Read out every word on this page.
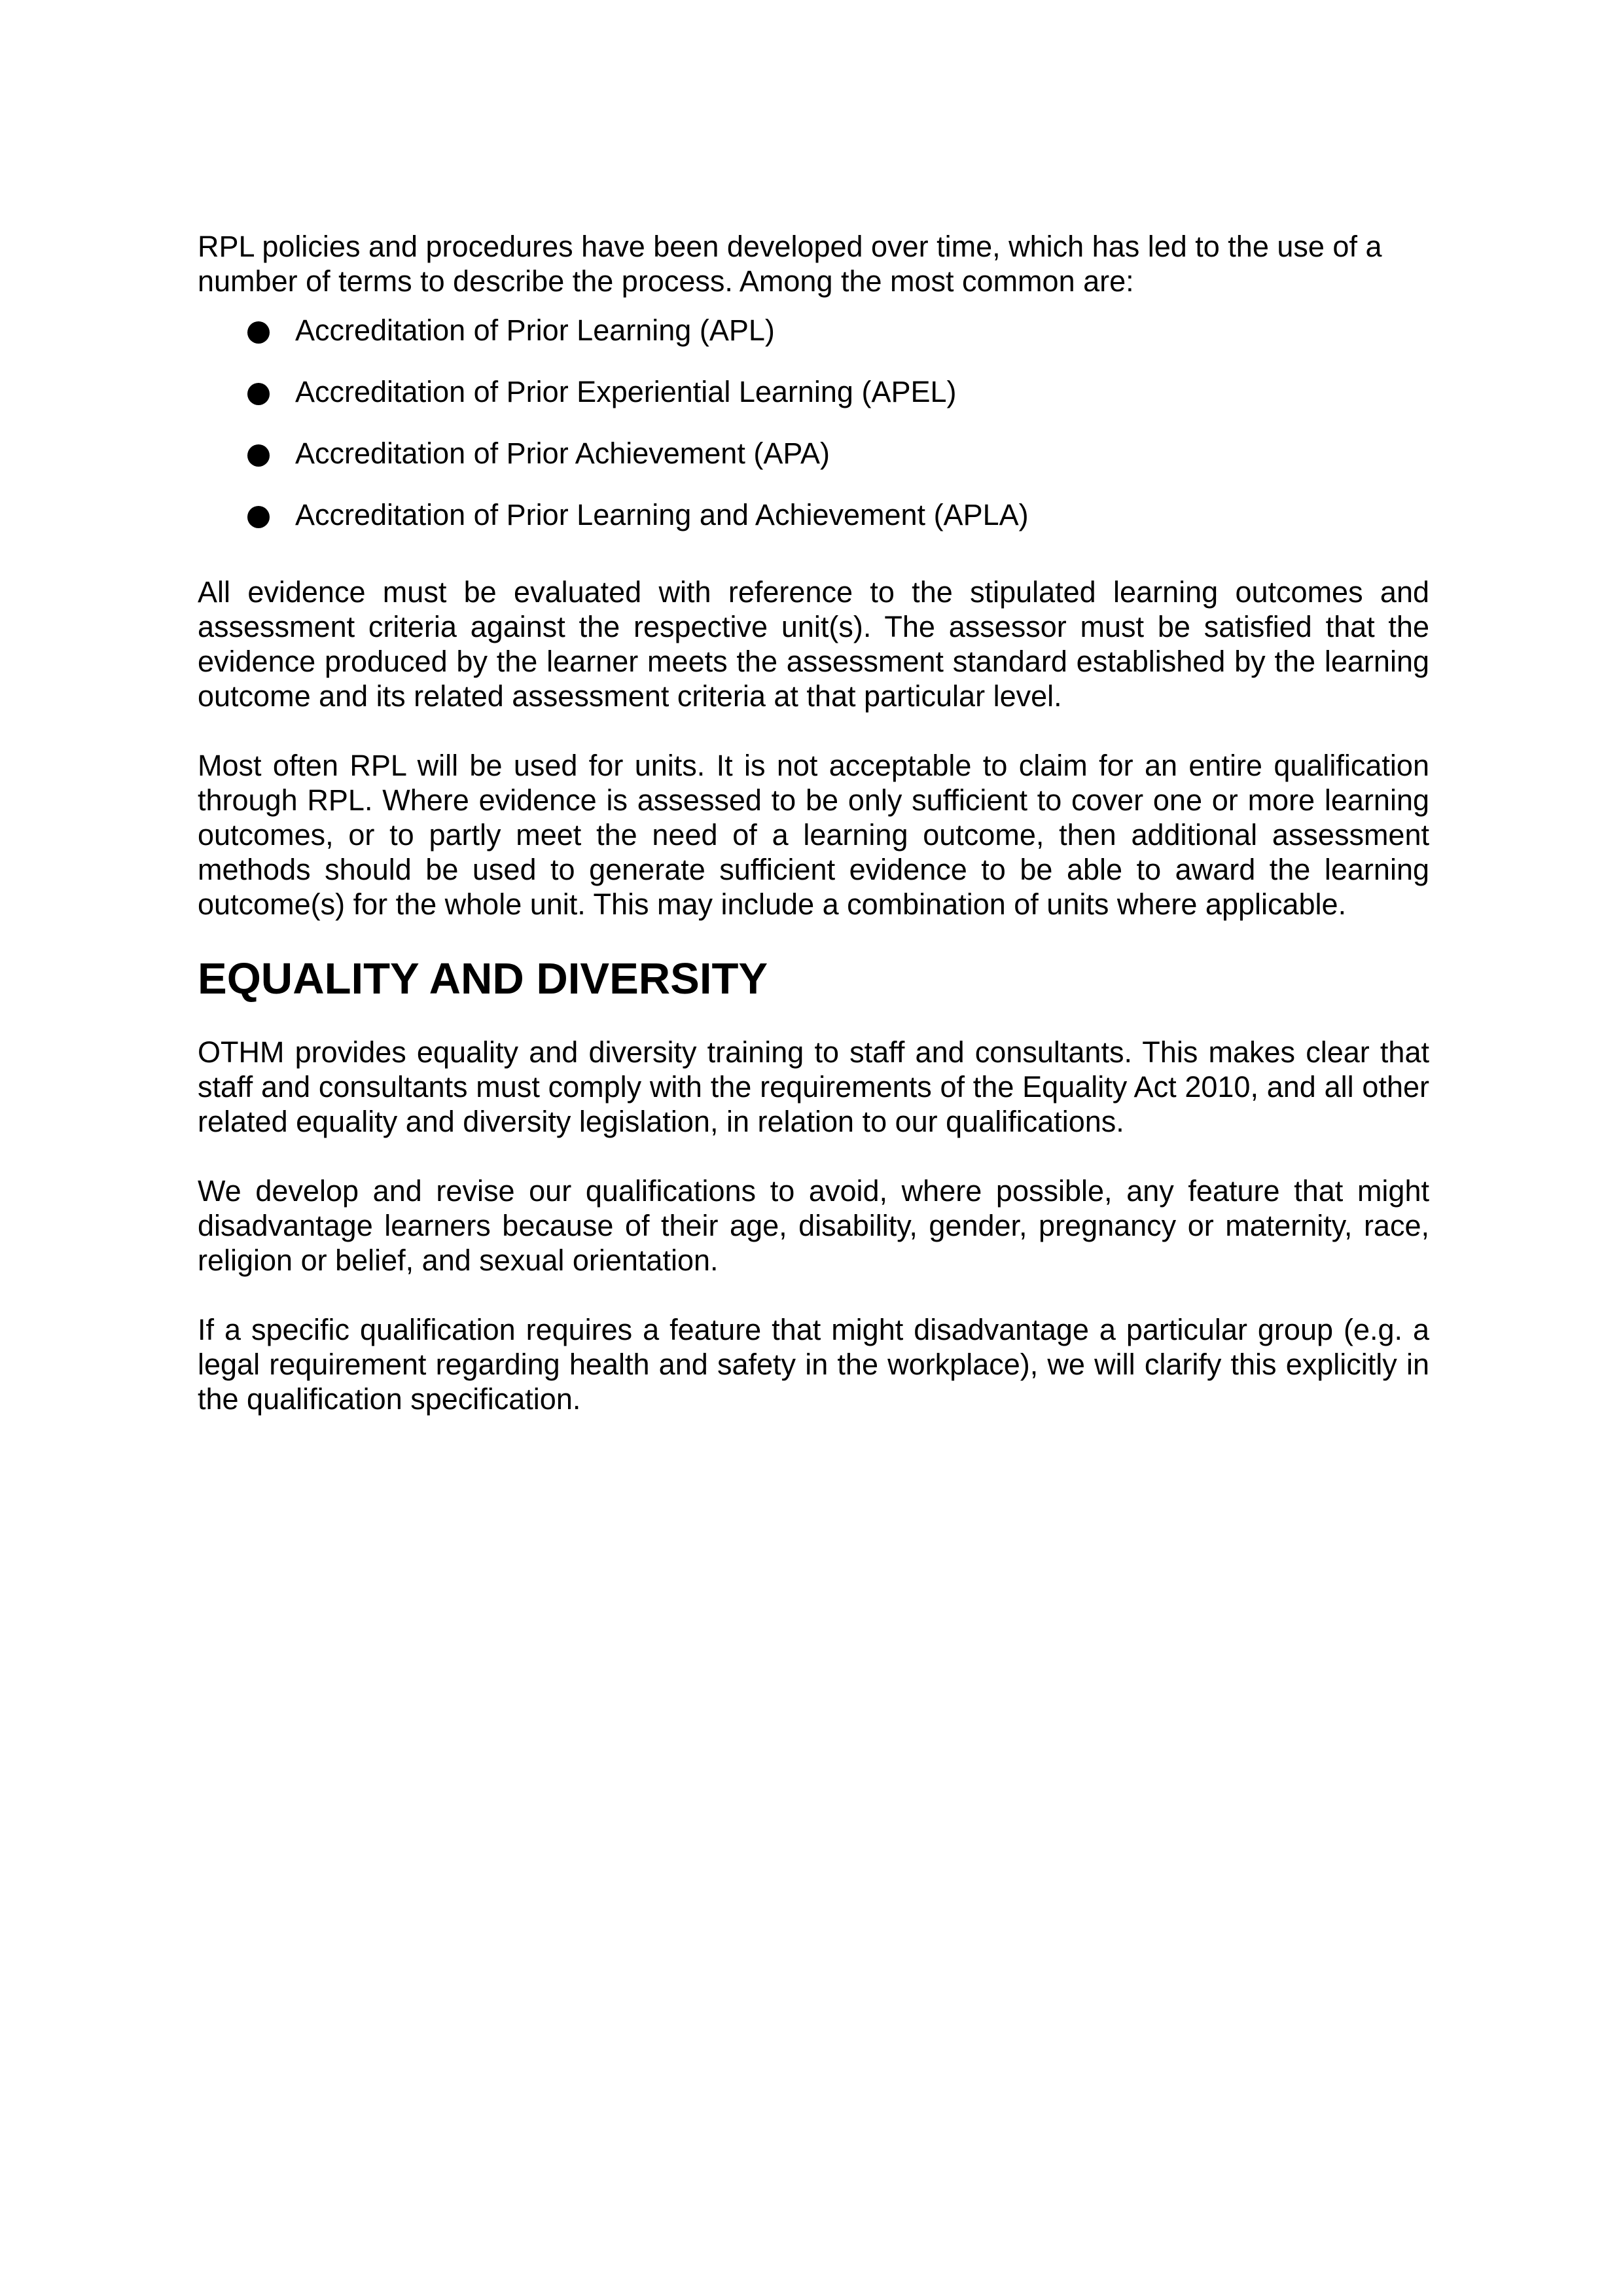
RPL policies and procedures have been developed over time, which has led to the use of a number of terms to describe the process. Among the most common are:

Accreditation of Prior Learning (APL)
Accreditation of Prior Experiential Learning (APEL)
Accreditation of Prior Achievement (APA)
Accreditation of Prior Learning and Achievement (APLA)

All evidence must be evaluated with reference to the stipulated learning outcomes and assessment criteria against the respective unit(s). The assessor must be satisfied that the evidence produced by the learner meets the assessment standard established by the learning outcome and its related assessment criteria at that particular level.

Most often RPL will be used for units. It is not acceptable to claim for an entire qualification through RPL. Where evidence is assessed to be only sufficient to cover one or more learning outcomes, or to partly meet the need of a learning outcome, then additional assessment methods should be used to generate sufficient evidence to be able to award the learning outcome(s) for the whole unit. This may include a combination of units where applicable.

EQUALITY AND DIVERSITY

OTHM provides equality and diversity training to staff and consultants. This makes clear that staff and consultants must comply with the requirements of the Equality Act 2010, and all other related equality and diversity legislation, in relation to our qualifications.

We develop and revise our qualifications to avoid, where possible, any feature that might disadvantage learners because of their age, disability, gender, pregnancy or maternity, race, religion or belief, and sexual orientation.

If a specific qualification requires a feature that might disadvantage a particular group (e.g. a legal requirement regarding health and safety in the workplace), we will clarify this explicitly in the qualification specification.
